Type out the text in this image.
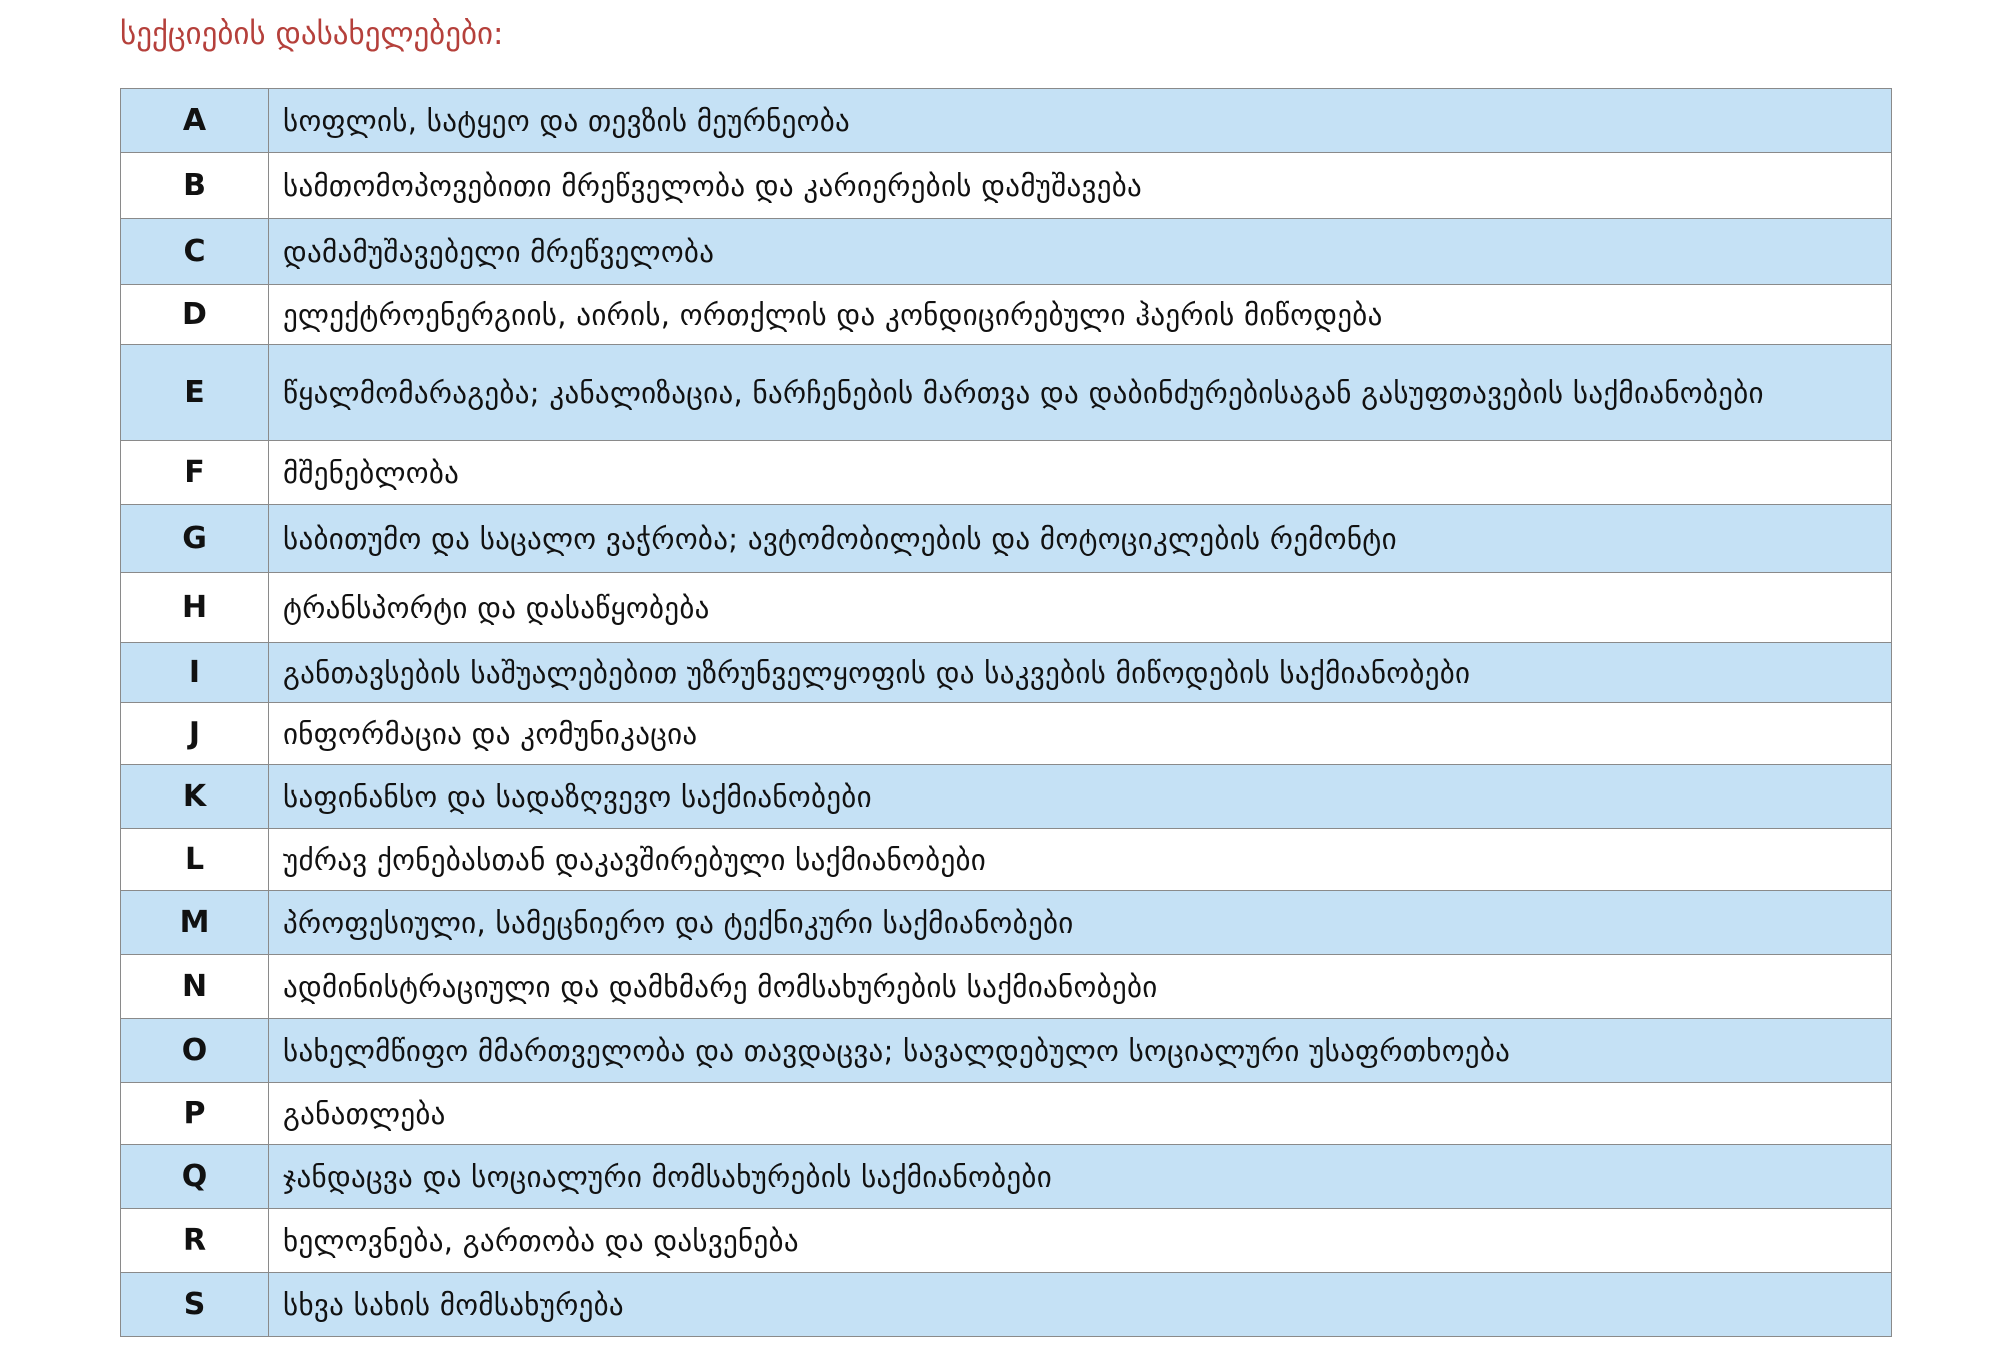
სექციების დასახელებები:
A	სოფლის, სატყეო და თევზის მეურნეობა
B	სამთომოპოვებითი მრეწველობა და კარიერების დამუშავება
C	დამამუშავებელი მრეწველობა
D	ელექტროენერგიის, აირის, ორთქლის და კონდიცირებული ჰაერის მიწოდება
E	წყალმომარაგება; კანალიზაცია, ნარჩენების მართვა და დაბინძურებისაგან გასუფთავების საქმიანობები
F	მშენებლობა
G	საბითუმო და საცალო ვაჭრობა; ავტომობილების და მოტოციკლების რემონტი
H	ტრანსპორტი და დასაწყობება
I	განთავსების საშუალებებით უზრუნველყოფის და საკვების მიწოდების საქმიანობები
J	ინფორმაცია და კომუნიკაცია
K	საფინანსო და სადაზღვევო საქმიანობები
L	უძრავ ქონებასთან დაკავშირებული საქმიანობები
M	პროფესიული, სამეცნიერო და ტექნიკური საქმიანობები
N	ადმინისტრაციული და დამხმარე მომსახურების საქმიანობები
O	სახელმწიფო მმართველობა და თავდაცვა; სავალდებულო სოციალური უსაფრთხოება
P	განათლება
Q	ჯანდაცვა და სოციალური მომსახურების საქმიანობები
R	ხელოვნება, გართობა და დასვენება
S	სხვა სახის მომსახურება
